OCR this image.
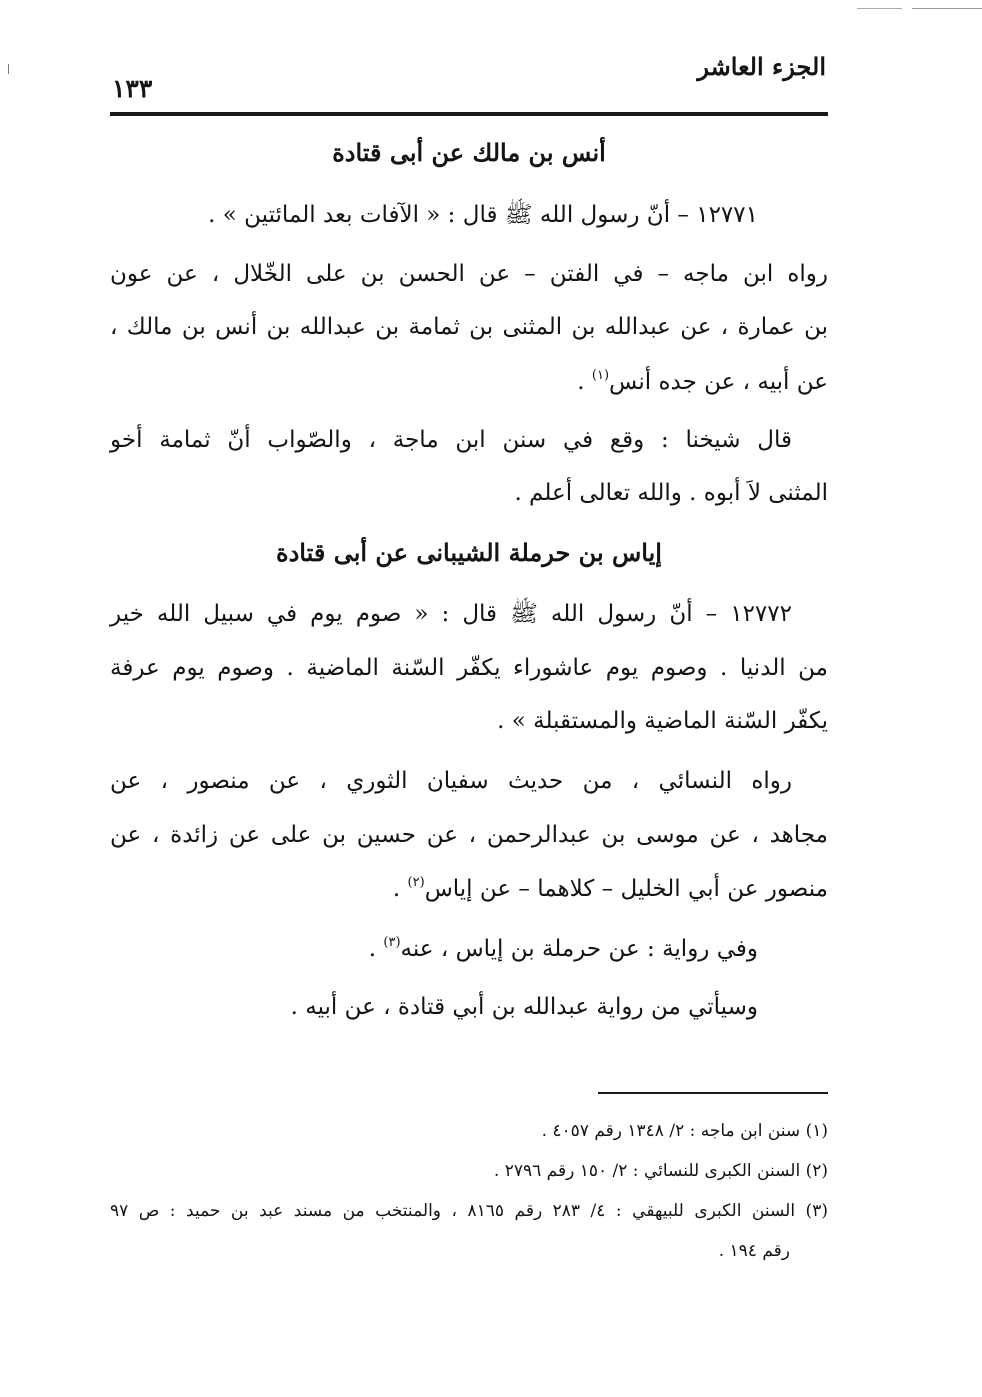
الجزء العاشر
١٣٣
أنس بن مالك عن أبى قتادة
١٢٧٧١ – أنّ رسول الله ﷺ قال : « الآفات بعد المائتين » .
رواه ابن ماجه – في الفتن – عن الحسن بن على الخّلال ، عن عون
بن عمارة ، عن عبدالله بن المثنى بن ثمامة بن عبدالله بن أنس بن مالك ،
عن أبيه ، عن جده أنس$^{(١)}$ .
قال شيخنا : وقع في سنن ابن ماجة ، والصّواب أنّ ثمامة أخو
المثنى لاَ أبوه . والله تعالى أعلم .
إياس بن حرملة الشيبانى عن أبى قتادة
١٢٧٧٢ – أنّ رسول الله ﷺ قال : « صوم يوم في سبيل الله خير
من الدنيا . وصوم يوم عاشوراء يكفّر السّنة الماضية . وصوم يوم عرفة
يكفّر السّنة الماضية والمستقبلة » .
رواه النسائي ، من حديث سفيان الثوري ، عن منصور ، عن
مجاهد ، عن موسى بن عبدالرحمن ، عن حسين بن على عن زائدة ، عن
منصور عن أبي الخليل – كلاهما – عن إياس$^{(٢)}$ .
وفي رواية : عن حرملة بن إياس ، عنه$^{(٣)}$ .
وسيأتي من رواية عبدالله بن أبي قتادة ، عن أبيه .
(١) سنن ابن ماجه : ٢/ ١٣٤٨ رقم ٤٠٥٧ .
(٢) السنن الكبرى للنسائي : ٢/ ١٥٠ رقم ٢٧٩٦ .
(٣) السنن الكبرى للبيهقي : ٤/ ٢٨٣ رقم ٨١٦٥ ، والمنتخب من مسند عبد بن حميد : ص ٩٧
رقم ١٩٤ .
